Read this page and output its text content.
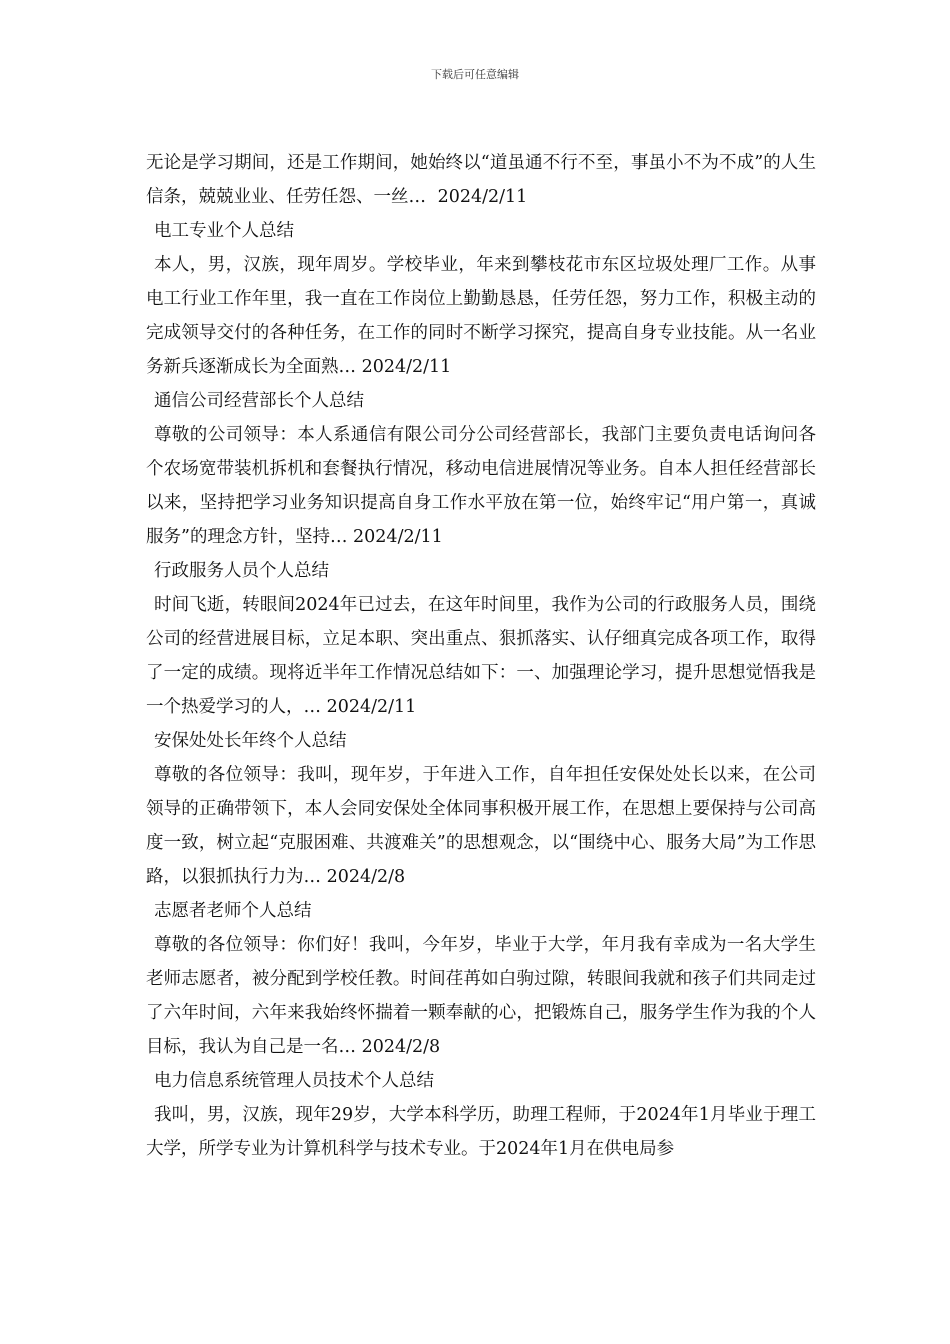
下载后可任意编辑

无论是学习期间，还是工作期间，她始终以“道虽通不行不至，事虽小不为不成”的人生信条，兢兢业业、任劳任怨、一丝… 2024/2/11

电工专业个人总结

本人，男，汉族，现年周岁。学校毕业，年来到攀枝花市东区垃圾处理厂工作。从事电工行业工作年里，我一直在工作岗位上勤勤恳恳，任劳任怨，努力工作，积极主动的完成领导交付的各种任务，在工作的同时不断学习探究，提高自身专业技能。从一名业务新兵逐渐成长为全面熟… 2024/2/11

通信公司经营部长个人总结

尊敬的公司领导：本人系通信有限公司分公司经营部长，我部门主要负责电话询问各个农场宽带装机拆机和套餐执行情况，移动电信进展情况等业务。自本人担任经营部长以来，坚持把学习业务知识提高自身工作水平放在第一位，始终牢记“用户第一，真诚服务”的理念方针，坚持… 2024/2/11

行政服务人员个人总结

时间飞逝，转眼间2024年已过去，在这年时间里，我作为公司的行政服务人员，围绕公司的经营进展目标，立足本职、突出重点、狠抓落实、认仔细真完成各项工作，取得了一定的成绩。现将近半年工作情况总结如下：一、加强理论学习，提升思想觉悟我是一个热爱学习的人，… 2024/2/11

安保处处长年终个人总结

尊敬的各位领导：我叫，现年岁，于年进入工作，自年担任安保处处长以来，在公司领导的正确带领下，本人会同安保处全体同事积极开展工作，在思想上要保持与公司高度一致，树立起“克服困难、共渡难关”的思想观念，以“围绕中心、服务大局”为工作思路，以狠抓执行力为… 2024/2/8

志愿者老师个人总结

尊敬的各位领导：你们好！我叫，今年岁，毕业于大学，年月我有幸成为一名大学生老师志愿者，被分配到学校任教。时间荏苒如白驹过隙，转眼间我就和孩子们共同走过了六年时间，六年来我始终怀揣着一颗奉献的心，把锻炼自己，服务学生作为我的个人目标，我认为自己是一名… 2024/2/8

电力信息系统管理人员技术个人总结

我叫，男，汉族，现年29岁，大学本科学历，助理工程师，于2024年1月毕业于理工大学，所学专业为计算机科学与技术专业。于2024年1月在供电局参
